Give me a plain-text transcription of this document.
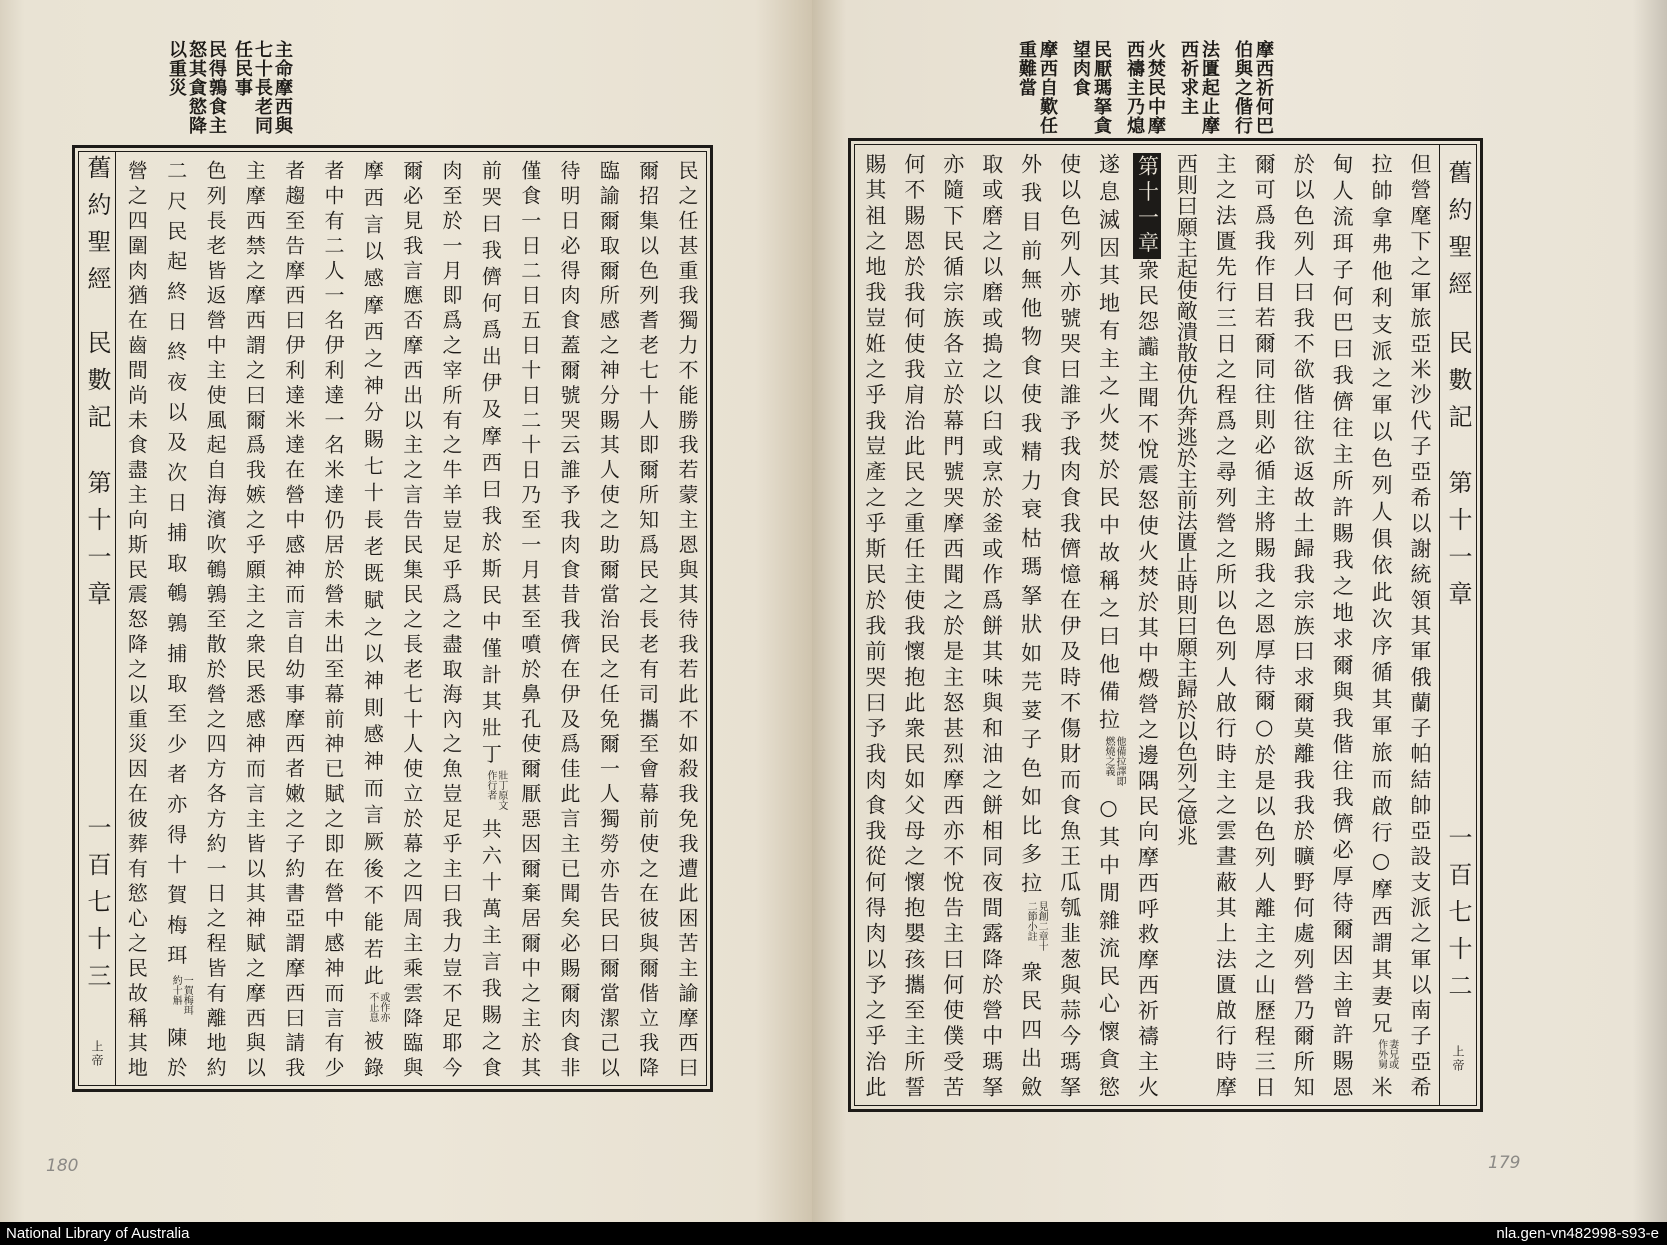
摩西祈何巴伯與之偕行
法匱起止摩西祈求主
火焚民中摩西禱主乃熄
民厭瑪拏貪望肉食
摩西自歎任重難當
主命摩西與七十長老同任民事
民得鶉食主怒其貪慾降以重災
舊約聖經
民數記
第十一章
一百七十三
上帝	民之任甚重我獨力不能勝我若蒙主恩與其待我若此不如殺我免我遭此困苦主諭摩西曰
爾招集以色列耆老七十人即爾所知爲民之長老有司攜至會幕前使之在彼與爾偕立我降
臨諭爾取爾所感之神分賜其人使之助爾當治民之任免爾一人獨勞亦告民曰爾當潔己以
待明日必得肉食蓋爾號哭云誰予我肉食昔我儕在伊及爲佳此言主已聞矣必賜爾肉食非
僅食一日二日五日十日二十日乃至一月甚至噴於鼻孔使爾厭惡因爾棄居爾中之主於其
前哭曰我儕何爲出伊及摩西曰我於斯民中僅計其壯丁壯丁原文作行者共六十萬主言我賜之食
肉至於一月即爲之宰所有之牛羊豈足乎爲之盡取海內之魚豈足乎主曰我力豈不足耶今
爾必見我言應否摩西出以主之言告民集民之長老七十人使立於幕之四周主乘雲降臨與
摩西言以感摩西之神分賜七十長老既賦之以神則感神而言厥後不能若此或作亦不止息被錄
者中有二人一名伊利達一名米達仍居於營未出至幕前神已賦之即在營中感神而言有少
者趨至告摩西曰伊利達米達在營中感神而言自幼事摩西者嫩之子約書亞謂摩西曰請我
主摩西禁之摩西謂之曰爾爲我嫉之乎願主之衆民悉感神而言主皆以其神賦之摩西與以
色列長老皆返營中主使風起自海濱吹鵪鶉至散於營之四方各方約一日之程皆有離地約
二尺民起終日終夜以及次日捕取鵪鶉捕取至少者亦得十賀梅珥一賀梅珥約十斛陳於
營之四圍肉猶在齒間尚未食盡主向斯民震怒降之以重災因在彼葬有慾心之民故稱其地	舊約聖經
民數記
第十一章
一百七十二
上帝
但營麾下之軍旅亞米沙代子亞希以謝統領其軍俄蘭子帕結帥亞設支派之軍以南子亞希
拉帥拿弗他利支派之軍以色列人俱依此次序循其軍旅而啟行○摩西謂其妻兄妻兄或作外舅米
甸人流珥子何巴曰我儕往主所許賜我之地求爾與我偕往我儕必厚待爾因主曾許賜恩
於以色列人曰我不欲偕往欲返故土歸我宗族曰求爾莫離我我於曠野何處列營乃爾所知
爾可爲我作目若爾同往則必循主將賜我之恩厚待爾○於是以色列人離主之山歷程三日
主之法匱先行三日之程爲之尋列營之所以色列人啟行時主之雲晝蔽其上法匱啟行時摩
西則曰願主起使敵潰散使仇奔逃於主前法匱止時則曰願主歸於以色列之億兆
第十一章衆民怨讟主聞不悅震怒使火焚於其中燬營之邊隅民向摩西呼救摩西祈禱主火
遂息滅因其地有主之火焚於民中故稱之曰他備拉他備拉譯即燃燒之義○其中閒雜流民心懷貪慾
使以色列人亦號哭曰誰予我肉食我儕憶在伊及時不傷財而食魚王瓜瓠韭葱與蒜今瑪拏
外我目前無他物食使我精力衰枯瑪拏狀如芫荽子色如比多拉見創二章十二節小註衆民四出斂
取或磨之以磨或搗之以臼或烹於釜或作爲餅其味與和油之餅相同夜間露降於營中瑪拏
亦隨下民循宗族各立於幕門號哭摩西聞之於是主怒甚烈摩西亦不悅告主曰何使僕受苦
何不賜恩於我何使我肩治此民之重任主使我懷抱此衆民如父母之懷抱嬰孩攜至主所誓
賜其祖之地我豈姙之乎我豈產之乎斯民於我前哭曰予我肉食我從何得肉以予之乎治此
180	179
National Library of Australia	nla.gen-vn482998-s93-e
